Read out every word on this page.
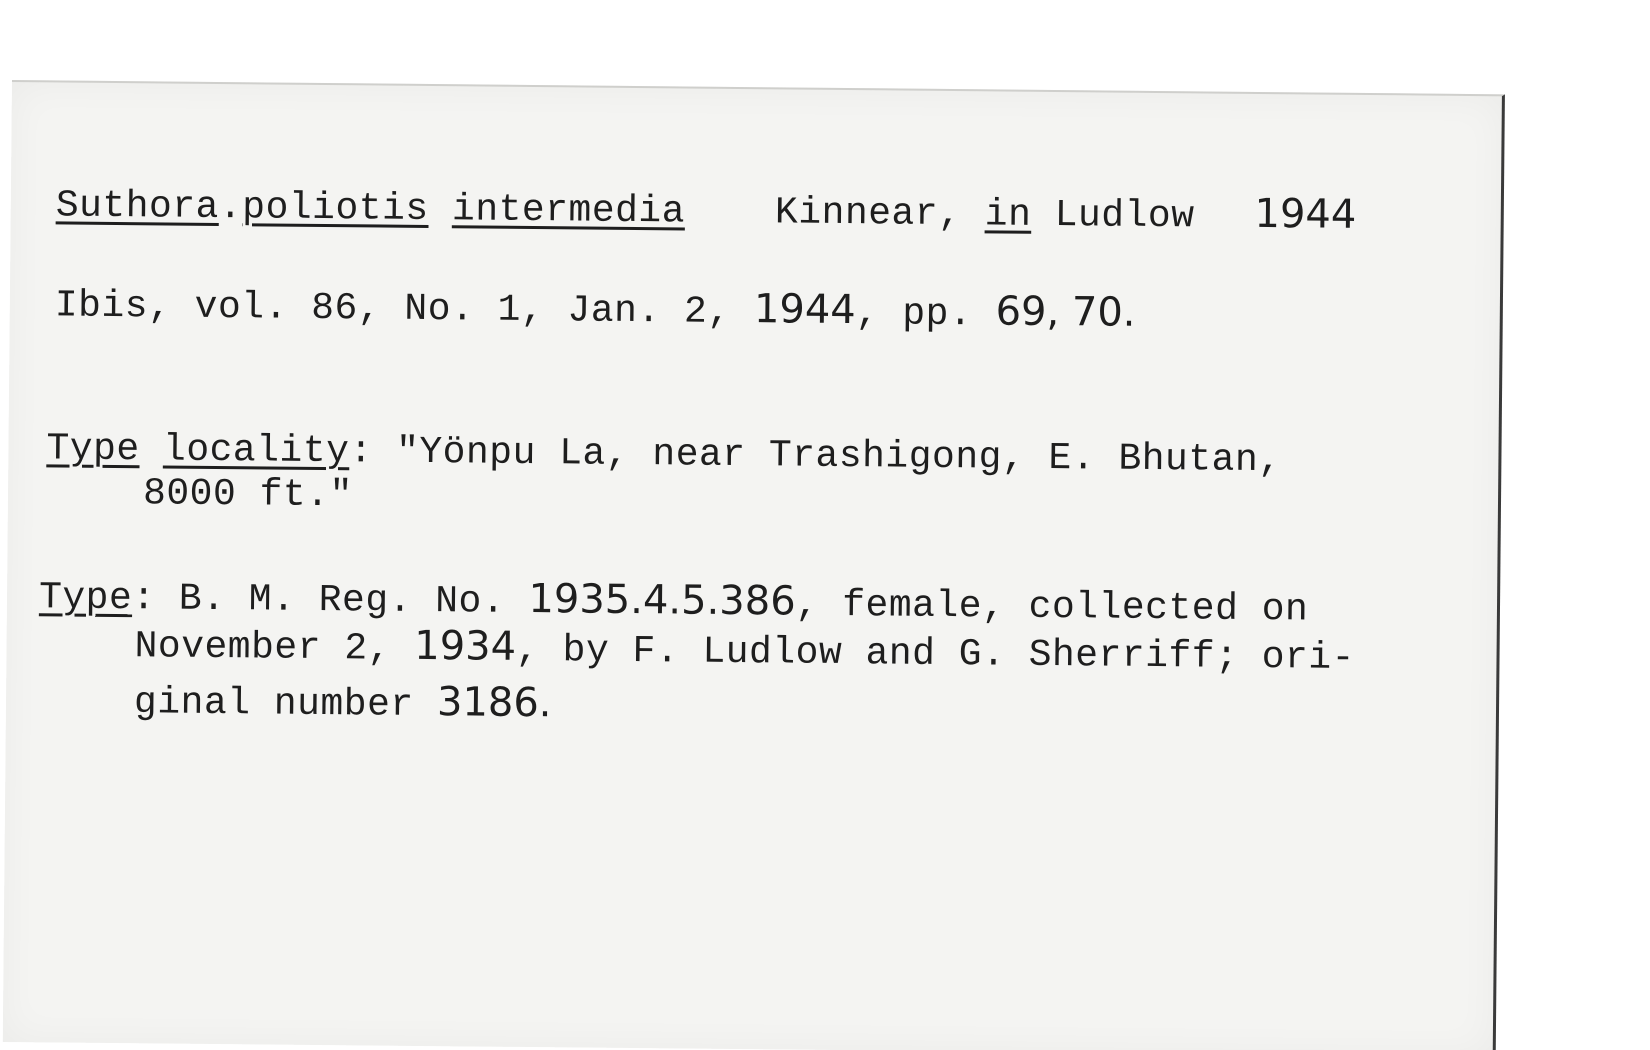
Suthora.poliotis intermedia Kinnear, in Ludlow 1944
Ibis, vol. 86, No. 1, Jan. 2, 1944, pp. 69, 70.
Type locality: "Yönpu La, near Trashigong, E. Bhutan,
8000 ft."
Type: B. M. Reg. No. 1935.4.5.386, female, collected on
November 2, 1934, by F. Ludlow and G. Sherriff; ori-
ginal number 3186.
